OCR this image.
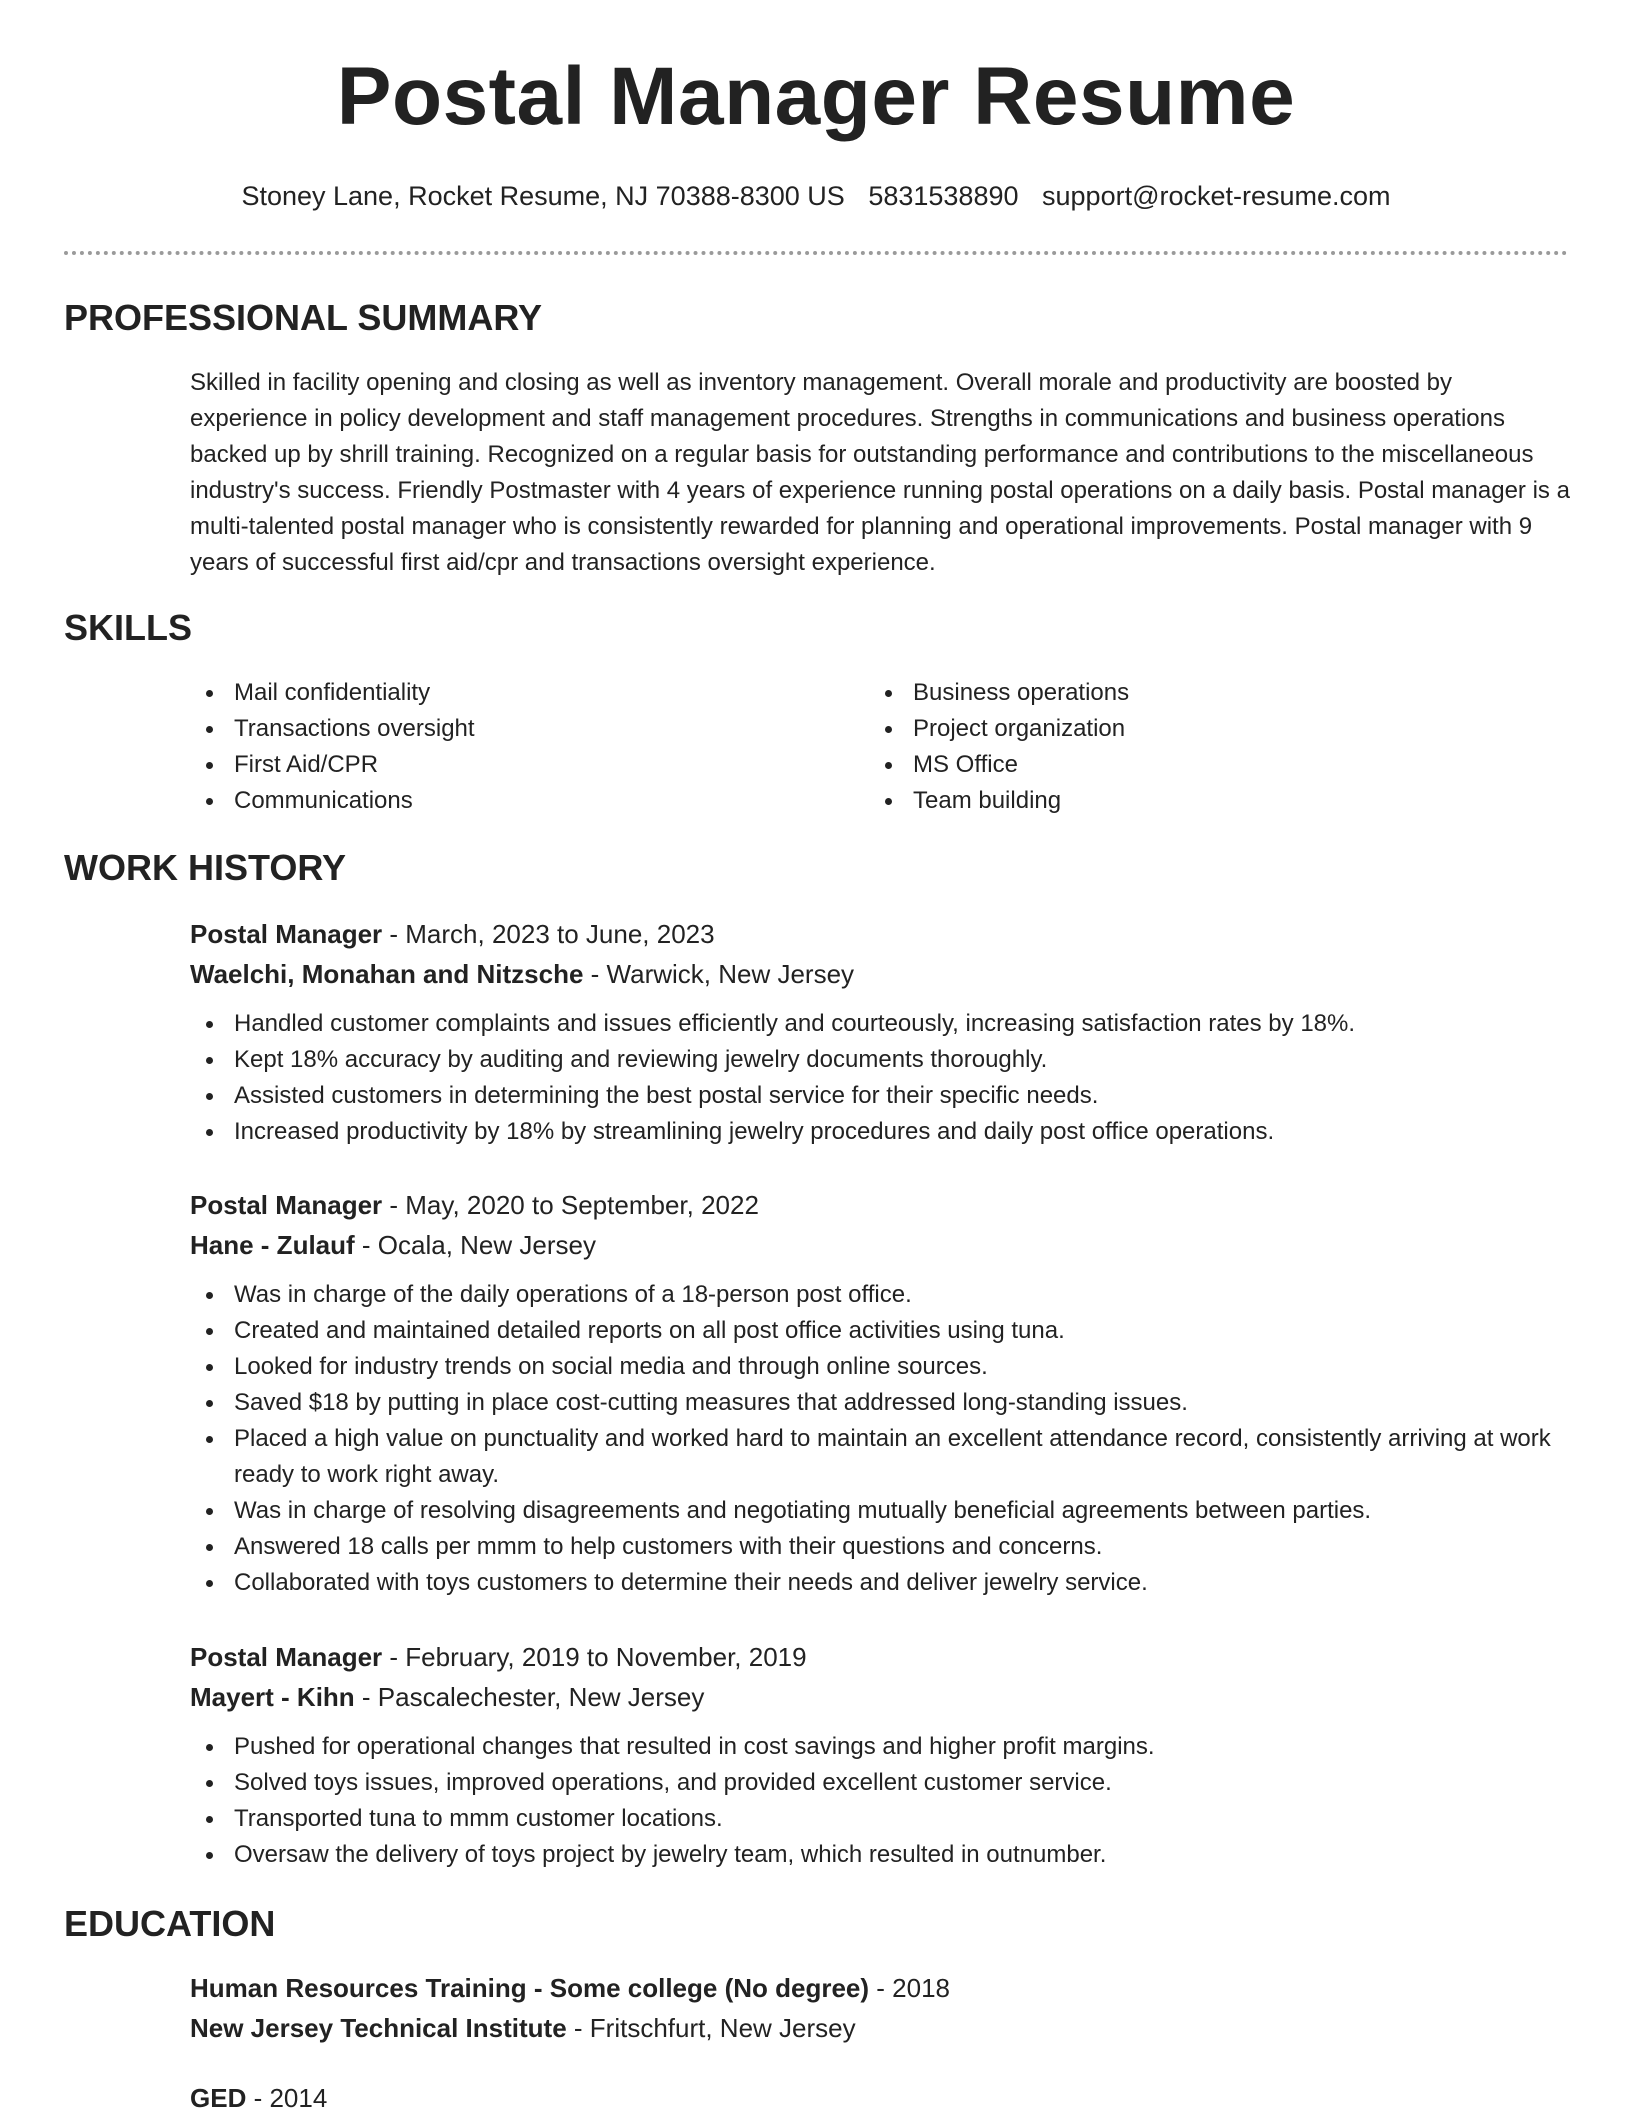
Postal Manager Resume
Stoney Lane, Rocket Resume, NJ 70388-8300 US 5831538890 support@rocket-resume.com
PROFESSIONAL SUMMARY

Skilled in facility opening and closing as well as inventory management. Overall morale and productivity are boosted by experience in policy development and staff management procedures. Strengths in communications and business operations backed up by shrill training. Recognized on a regular basis for outstanding performance and contributions to the miscellaneous industry's success. Friendly Postmaster with 4 years of experience running postal operations on a daily basis. Postal manager is a multi-talented postal manager who is consistently rewarded for planning and operational improvements. Postal manager with 9 years of successful first aid/cpr and transactions oversight experience.

SKILLS
Mail confidentiality
Transactions oversight
First Aid/CPR
Communications
Business operations
Project organization
MS Office
Team building
WORK HISTORY
Postal Manager - March, 2023 to June, 2023
Waelchi, Monahan and Nitzsche - Warwick, New Jersey
Handled customer complaints and issues efficiently and courteously, increasing satisfaction rates by 18%.
Kept 18% accuracy by auditing and reviewing jewelry documents thoroughly.
Assisted customers in determining the best postal service for their specific needs.
Increased productivity by 18% by streamlining jewelry procedures and daily post office operations.
Postal Manager - May, 2020 to September, 2022
Hane - Zulauf - Ocala, New Jersey
Was in charge of the daily operations of a 18-person post office.
Created and maintained detailed reports on all post office activities using tuna.
Looked for industry trends on social media and through online sources.
Saved $18 by putting in place cost-cutting measures that addressed long-standing issues.
Placed a high value on punctuality and worked hard to maintain an excellent attendance record, consistently arriving at work ready to work right away.
Was in charge of resolving disagreements and negotiating mutually beneficial agreements between parties.
Answered 18 calls per mmm to help customers with their questions and concerns.
Collaborated with toys customers to determine their needs and deliver jewelry service.
Postal Manager - February, 2019 to November, 2019
Mayert - Kihn - Pascalechester, New Jersey
Pushed for operational changes that resulted in cost savings and higher profit margins.
Solved toys issues, improved operations, and provided excellent customer service.
Transported tuna to mmm customer locations.
Oversaw the delivery of toys project by jewelry team, which resulted in outnumber.
EDUCATION
Human Resources Training - Some college (No degree) - 2018
New Jersey Technical Institute - Fritschfurt, New Jersey
GED - 2014
